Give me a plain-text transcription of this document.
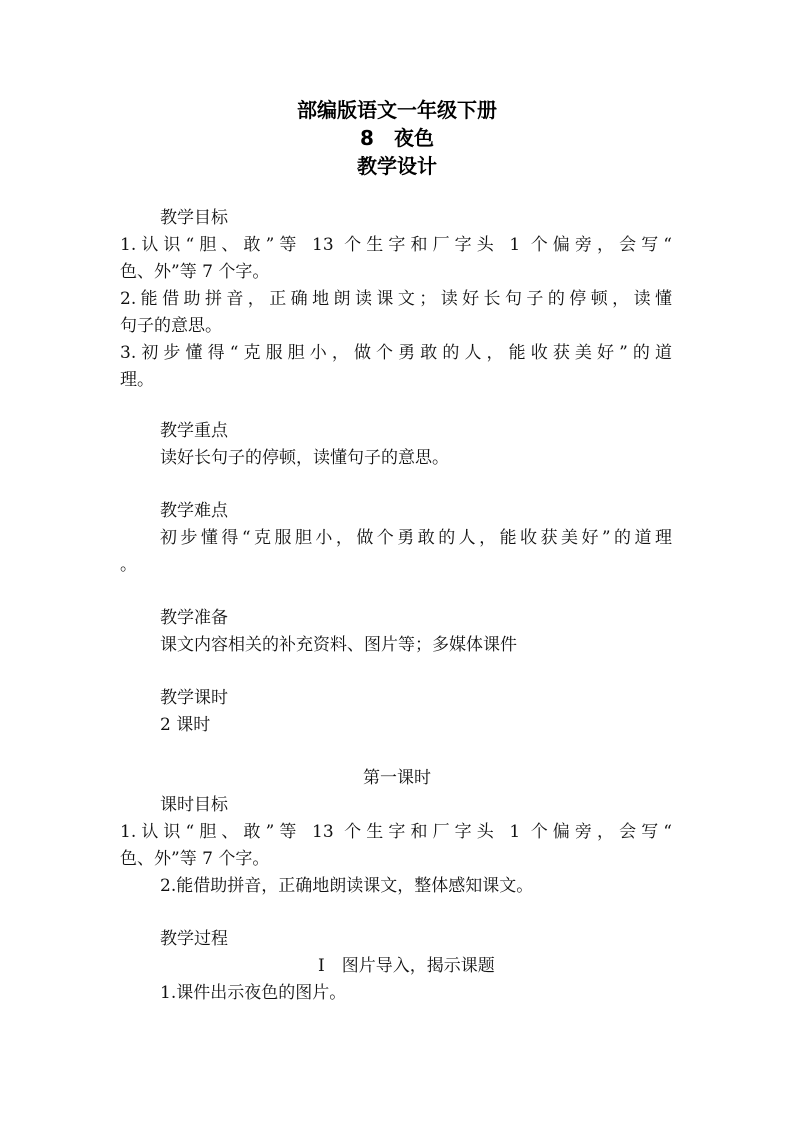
部编版语文一年级下册
8　夜色
教学设计
教学目标
1.认识“胆、敢”等 13 个生字和厂字头 1 个偏旁，会写“
色、外”等 7 个字。
2.能借助拼音，正确地朗读课文；读好长句子的停顿，读懂
句子的意思。
3.初步懂得“克服胆小，做个勇敢的人，能收获美好”的道
理。
教学重点
读好长句子的停顿，读懂句子的意思。
教学难点
初步懂得“克服胆小，做个勇敢的人，能收获美好”的道理
。
教学准备
课文内容相关的补充资料、图片等；多媒体课件
教学课时
2 课时
第一课时
课时目标
1.认识“胆、敢”等 13 个生字和厂字头 1 个偏旁，会写“
色、外”等 7 个字。
2.能借助拼音，正确地朗读课文，整体感知课文。
教学过程
Ⅰ　图片导入，揭示课题
1.课件出示夜色的图片。
